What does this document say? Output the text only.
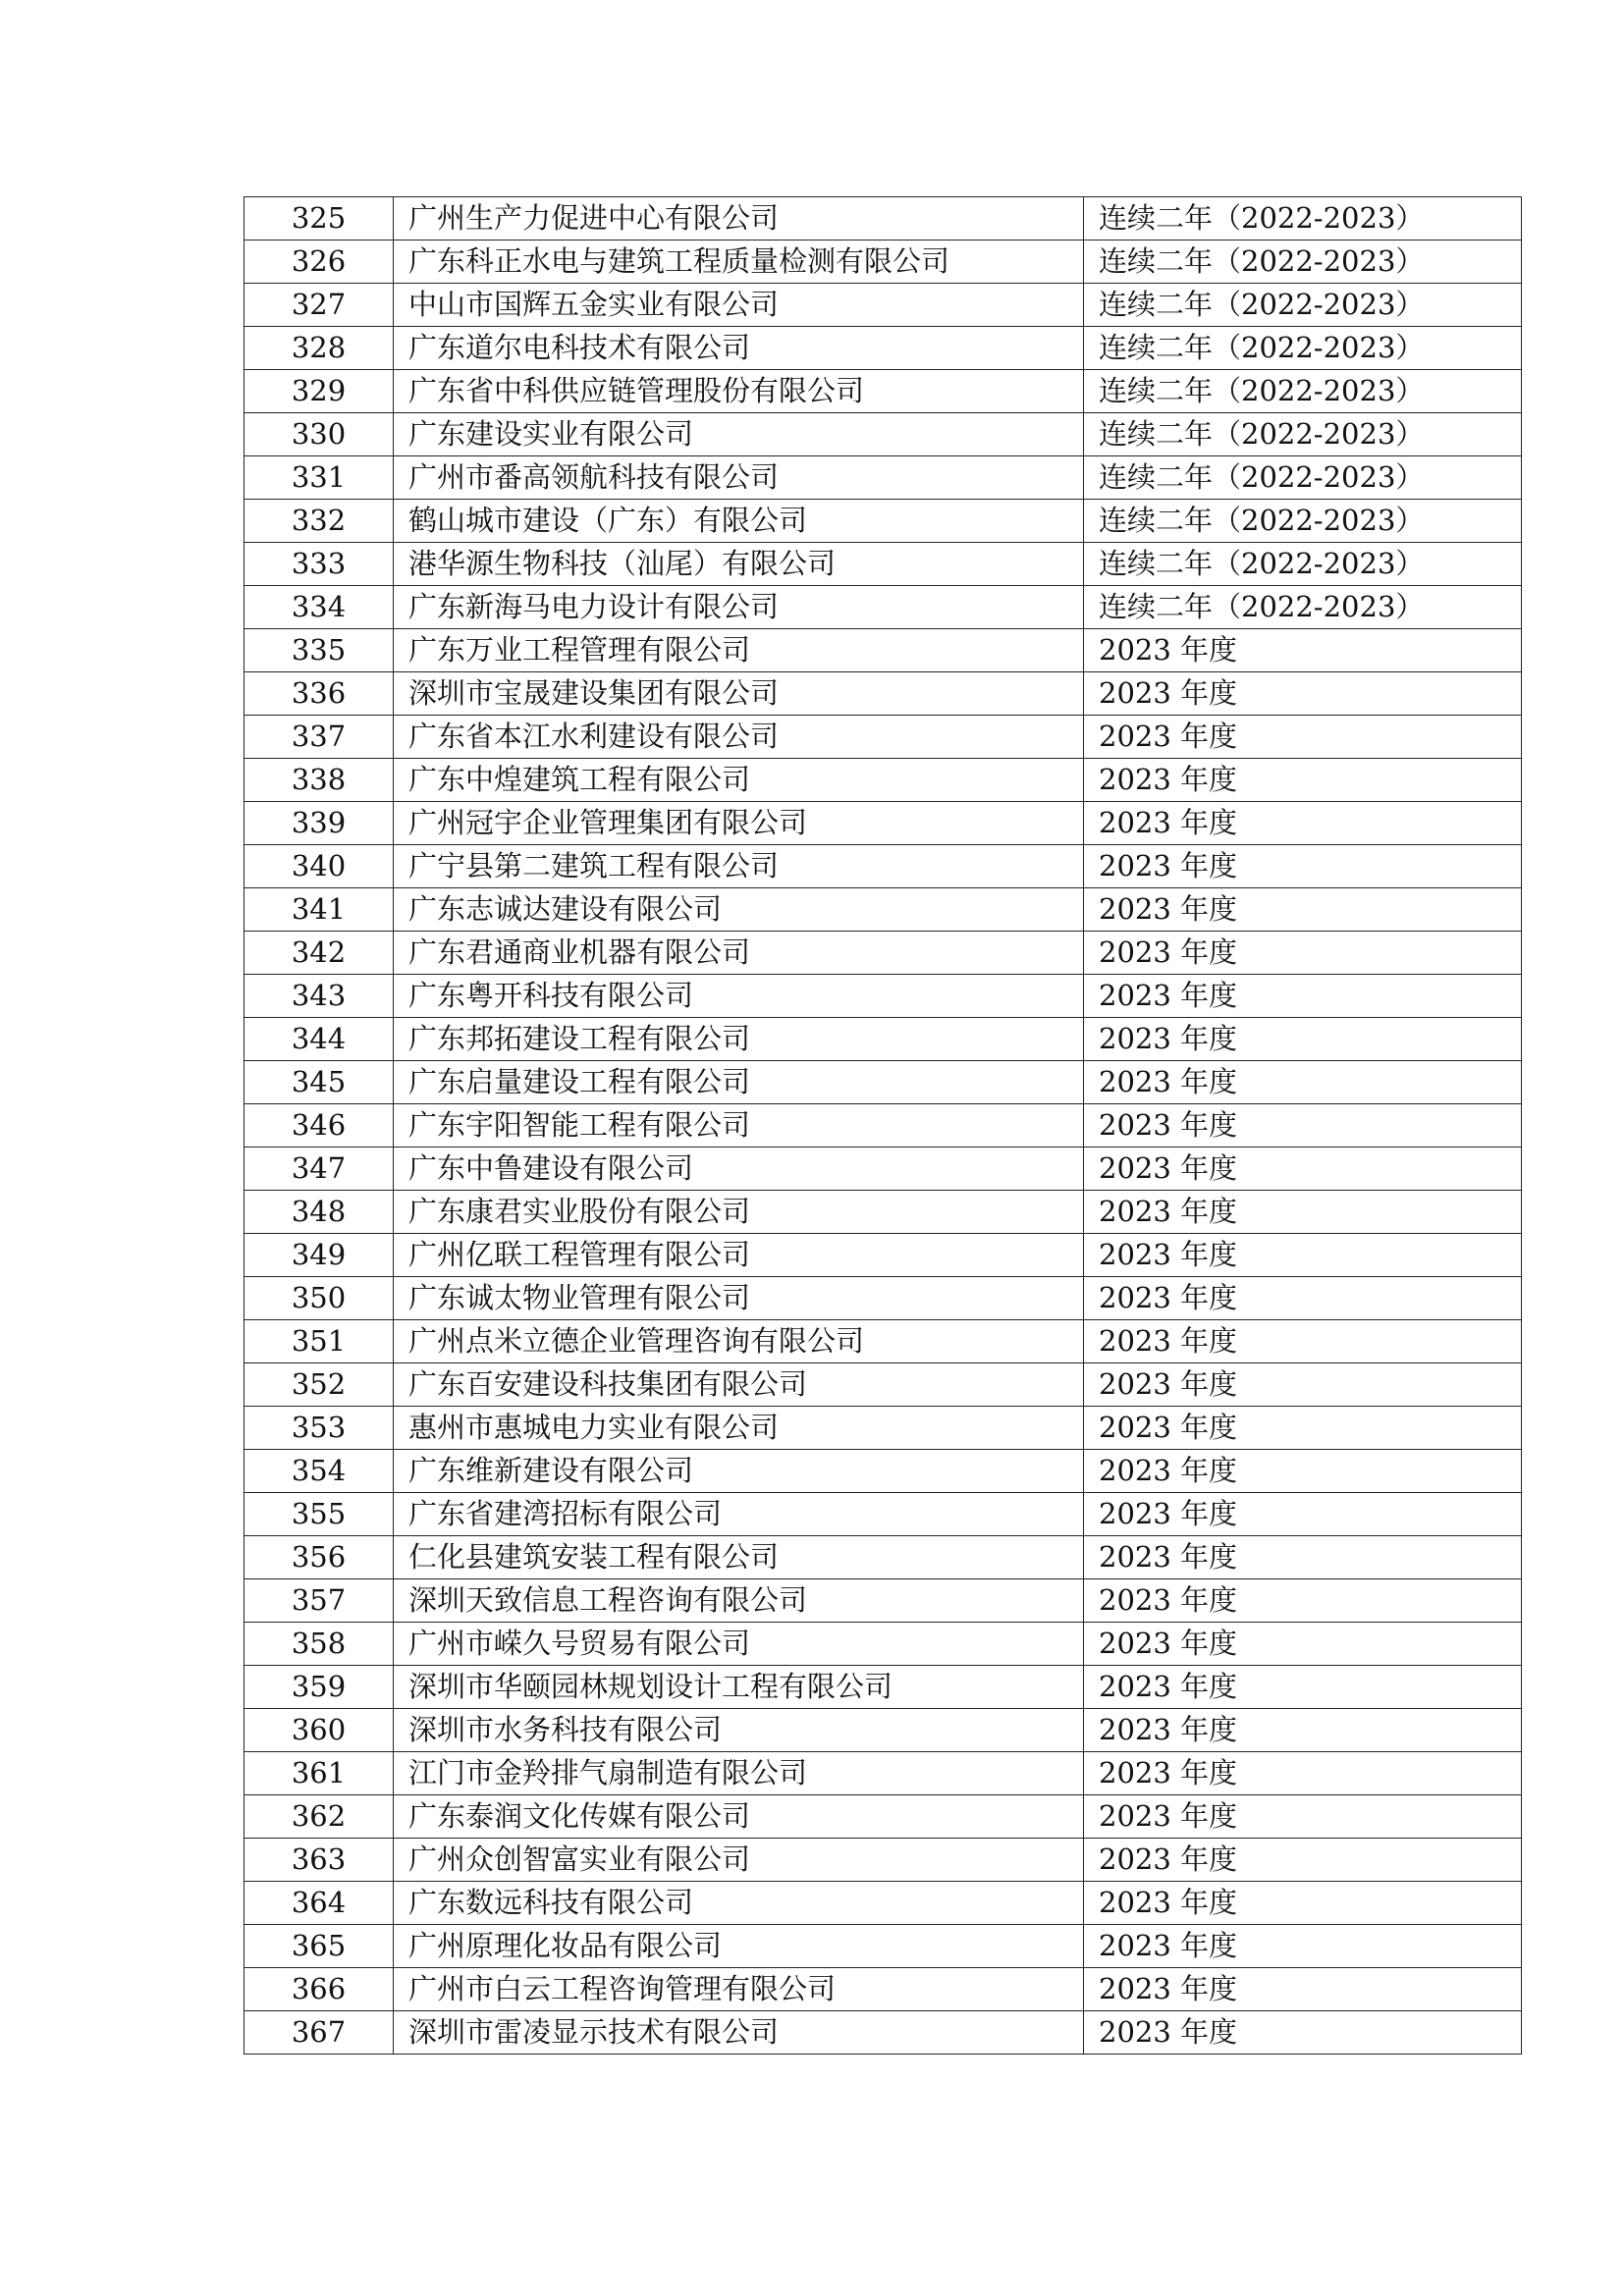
325	广州生产力促进中心有限公司	连续二年（2022-2023）
326	广东科正水电与建筑工程质量检测有限公司	连续二年（2022-2023）
327	中山市国辉五金实业有限公司	连续二年（2022-2023）
328	广东道尔电科技术有限公司	连续二年（2022-2023）
329	广东省中科供应链管理股份有限公司	连续二年（2022-2023）
330	广东建设实业有限公司	连续二年（2022-2023）
331	广州市番高领航科技有限公司	连续二年（2022-2023）
332	鹤山城市建设（广东）有限公司	连续二年（2022-2023）
333	港华源生物科技（汕尾）有限公司	连续二年（2022-2023）
334	广东新海马电力设计有限公司	连续二年（2022-2023）
335	广东万业工程管理有限公司	2023 年度
336	深圳市宝晟建设集团有限公司	2023 年度
337	广东省本江水利建设有限公司	2023 年度
338	广东中煌建筑工程有限公司	2023 年度
339	广州冠宇企业管理集团有限公司	2023 年度
340	广宁县第二建筑工程有限公司	2023 年度
341	广东志诚达建设有限公司	2023 年度
342	广东君通商业机器有限公司	2023 年度
343	广东粤开科技有限公司	2023 年度
344	广东邦拓建设工程有限公司	2023 年度
345	广东启量建设工程有限公司	2023 年度
346	广东宇阳智能工程有限公司	2023 年度
347	广东中鲁建设有限公司	2023 年度
348	广东康君实业股份有限公司	2023 年度
349	广州亿联工程管理有限公司	2023 年度
350	广东诚太物业管理有限公司	2023 年度
351	广州点米立德企业管理咨询有限公司	2023 年度
352	广东百安建设科技集团有限公司	2023 年度
353	惠州市惠城电力实业有限公司	2023 年度
354	广东维新建设有限公司	2023 年度
355	广东省建湾招标有限公司	2023 年度
356	仁化县建筑安装工程有限公司	2023 年度
357	深圳天致信息工程咨询有限公司	2023 年度
358	广州市嵘久号贸易有限公司	2023 年度
359	深圳市华颐园林规划设计工程有限公司	2023 年度
360	深圳市水务科技有限公司	2023 年度
361	江门市金羚排气扇制造有限公司	2023 年度
362	广东泰润文化传媒有限公司	2023 年度
363	广州众创智富实业有限公司	2023 年度
364	广东数远科技有限公司	2023 年度
365	广州原理化妆品有限公司	2023 年度
366	广州市白云工程咨询管理有限公司	2023 年度
367	深圳市雷凌显示技术有限公司	2023 年度
